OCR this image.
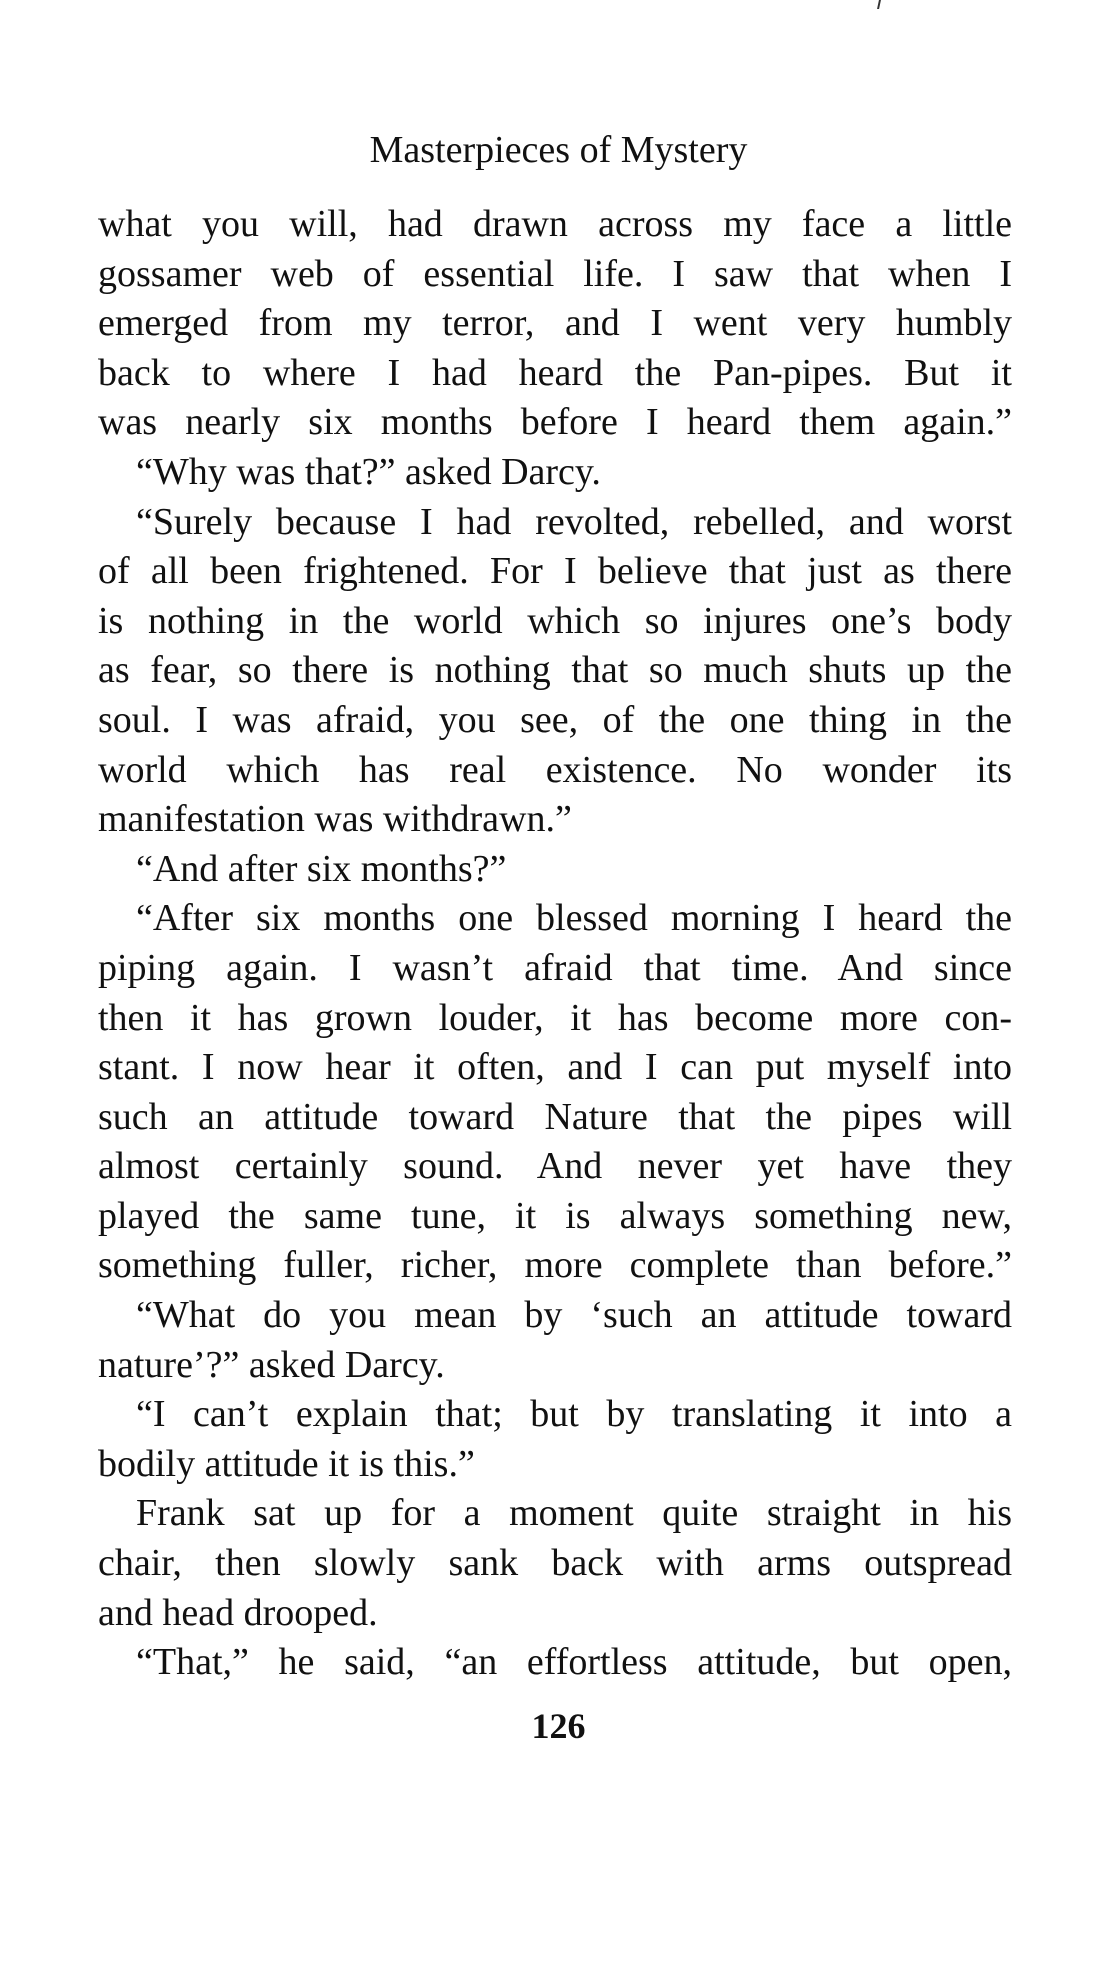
Masterpieces of Mystery
what you will, had drawn across my face a little
gossamer web of essential life. I saw that when I
emerged from my terror, and I went very humbly
back to where I had heard the Pan-pipes. But it
was nearly six months before I heard them again.”
“Why was that?” asked Darcy.
“Surely because I had revolted, rebelled, and worst
of all been frightened. For I believe that just as there
is nothing in the world which so injures one’s body
as fear, so there is nothing that so much shuts up the
soul. I was afraid, you see, of the one thing in the
world which has real existence. No wonder its
manifestation was withdrawn.”
“And after six months?”
“After six months one blessed morning I heard the
piping again. I wasn’t afraid that time. And since
then it has grown louder, it has become more con-
stant. I now hear it often, and I can put myself into
such an attitude toward Nature that the pipes will
almost certainly sound. And never yet have they
played the same tune, it is always something new,
something fuller, richer, more complete than before.”
“What do you mean by ‘such an attitude toward
nature’?” asked Darcy.
“I can’t explain that; but by translating it into a
bodily attitude it is this.”
Frank sat up for a moment quite straight in his
chair, then slowly sank back with arms outspread
and head drooped.
“That,” he said, “an effortless attitude, but open,
126
